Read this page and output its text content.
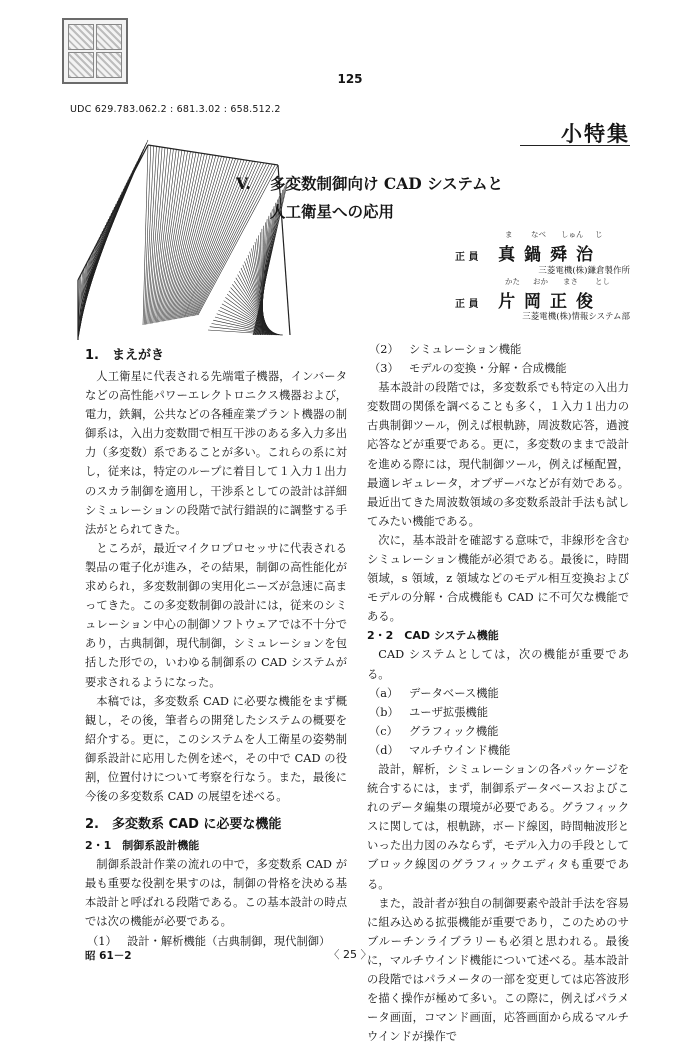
125
UDC 629.783.062.2 : 681.3.02 : 658.512.2
小特集
V. 多変数制御向け CAD システムと
人工衛星への応用
正 員 真鍋舜治
ま なべ しゅん じ
三菱電機(株)鎌倉製作所
正 員 片岡正俊
かた おか まさ とし
三菱電機(株)情報システム部
1.　まえがき

人工衛星に代表される先端電子機器，インバータなどの高性能パワーエレクトロニクス機器および，電力，鉄鋼，公共などの各種産業プラント機器の制御系は，入出力変数間で相互干渉のある多入力多出力（多変数）系であることが多い。これらの系に対し，従来は，特定のループに着目して１入力１出力のスカラ制御を適用し，干渉系としての設計は詳細シミュレーションの段階で試行錯誤的に調整する手法がとられてきた。

ところが，最近マイクロプロセッサに代表される製品の電子化が進み，その結果，制御の高性能化が求められ，多変数制御の実用化ニーズが急速に高まってきた。この多変数制御の設計には，従来のシミュレーション中心の制御ソフトウェアでは不十分であり，古典制御，現代制御，シミュレーションを包括した形での，いわゆる制御系の CAD システムが要求されるようになった。

本稿では，多変数系 CAD に必要な機能をまず概観し，その後，筆者らの開発したシステムの概要を紹介する。更に，このシステムを人工衛星の姿勢制御系設計に応用した例を述べ，その中で CAD の役割，位置付けについて考察を行なう。また，最後に今後の多変数系 CAD の展望を述べる。

2.　多変数系 CAD に必要な機能
2・1　制御系設計機能

制御系設計作業の流れの中で，多変数系 CAD が最も重要な役割を果すのは，制御の骨格を決める基本設計と呼ばれる段階である。この基本設計の時点では次の機能が必要である。

（1） 設計・解析機能（古典制御，現代制御）

（2） シミュレーション機能

（3） モデルの変換・分解・合成機能

基本設計の段階では，多変数系でも特定の入出力変数間の関係を調べることも多く，１入力１出力の古典制御ツール，例えば根軌跡，周波数応答，過渡応答などが重要である。更に，多変数のままで設計を進める際には，現代制御ツール，例えば極配置，最適レギュレータ，オブザーバなどが有効である。最近出てきた周波数領域の多変数系設計手法も試してみたい機能である。

次に，基本設計を確認する意味で，非線形を含むシミュレーション機能が必須である。最後に，時間領域，s 領域，z 領域などのモデル相互変換およびモデルの分解・合成機能も CAD に不可欠な機能である。

2・2　CAD システム機能

CAD システムとしては，次の機能が重要である。

（a） データベース機能

（b） ユーザ拡張機能

（c） グラフィック機能

（d） マルチウインド機能

設計，解析，シミュレーションの各パッケージを統合するには，まず，制御系データベースおよびこれのデータ編集の環境が必要である。グラフィックスに関しては，根軌跡，ボード線図，時間軸波形といった出力図のみならず，モデル入力の手段としてブロック線図のグラフィックエディタも重要である。

また，設計者が独自の制御要素や設計手法を容易に組み込める拡張機能が重要であり，このためのサブルーチンライブラリーも必須と思われる。最後に，マルチウインド機能について述べる。基本設計の段階ではパラメータの一部を変更しては応答波形を描く操作が極めて多い。この際に，例えばパラメータ画面，コマンド画面，応答画面から成るマルチウインドが操作で

昭 61－2	〈 25 〉
